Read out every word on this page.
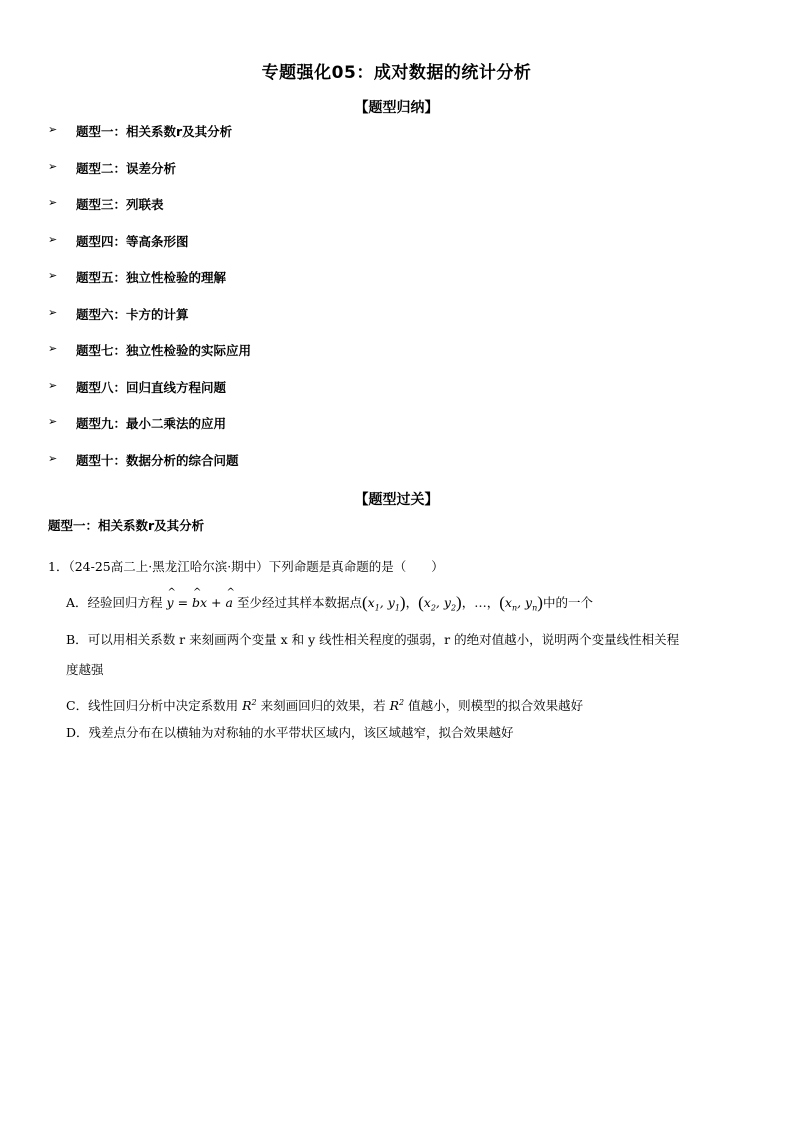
专题强化05：成对数据的统计分析
【题型归纳】
➢	题型一：相关系数r及其分析
➢	题型二：误差分析
➢	题型三：列联表
➢	题型四：等高条形图
➢	题型五：独立性检验的理解
➢	题型六：卡方的计算
➢	题型七：独立性检验的实际应用
➢	题型八：回归直线方程问题
➢	题型九：最小二乘法的应用
➢	题型十：数据分析的综合问题
【题型过关】
题型一：相关系数r及其分析
1．（24-25高二上·黑龙江哈尔滨·期中）下列命题是真命题的是（　　）
A．经验回归方程 ^ y = ^ bx + ^ a 至少经过其样本数据点($x_1$, $y_1$)，($x_2$, $y_2$)，…，($x_n$, $y_n$)中的一个
B．可以用相关系数 r 来刻画两个变量 x 和 y 线性相关程度的强弱，r 的绝对值越小，说明两个变量线性相关程
度越强
C．线性回归分析中决定系数用 $R^2$ 来刻画回归的效果，若 $R^2$ 值越小，则模型的拟合效果越好
D．残差点分布在以横轴为对称轴的水平带状区域内，该区域越窄，拟合效果越好
